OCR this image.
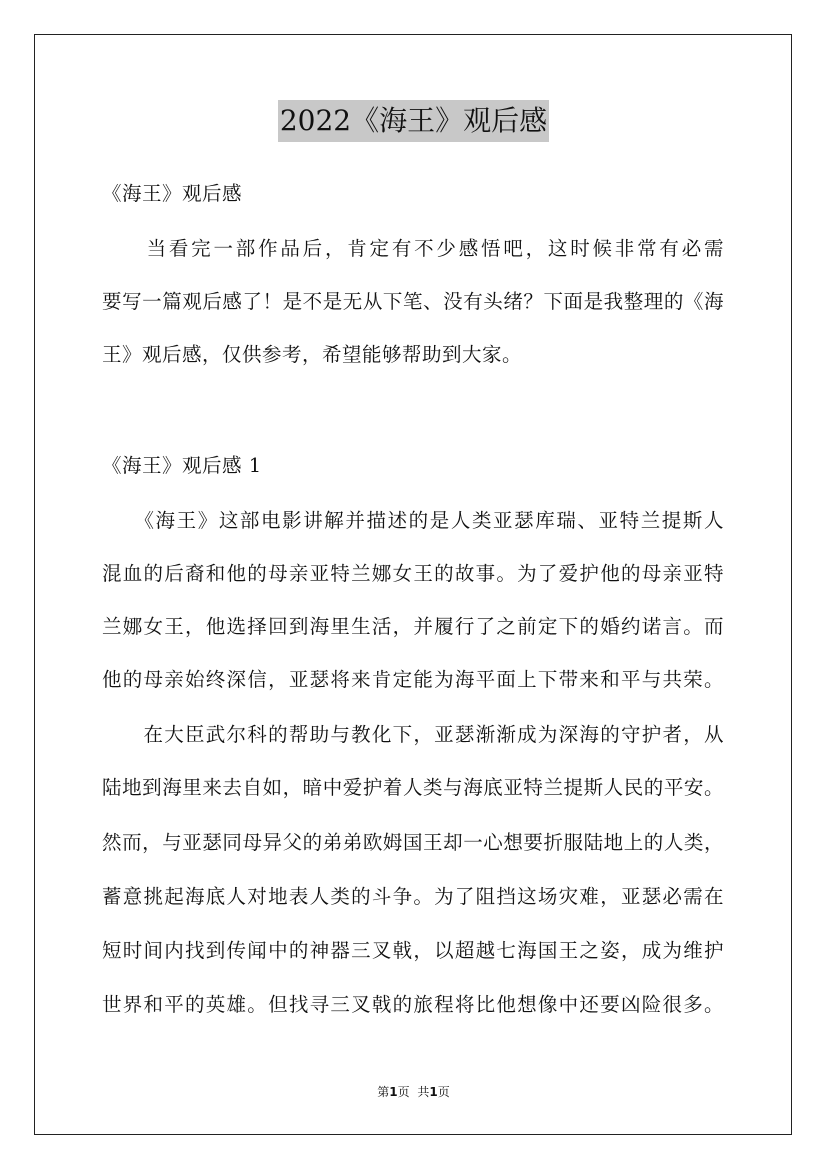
2022《海王》观后感
《海王》观后感
　　当看完一部作品后，肯定有不少感悟吧，这时候非常有必需
要写一篇观后感了！是不是无从下笔、没有头绪？下面是我整理的《海
王》观后感，仅供参考，希望能够帮助到大家。
《海王》观后感 1
　　《海王》这部电影讲解并描述的是人类亚瑟库瑞、亚特兰提斯人
混血的后裔和他的母亲亚特兰娜女王的故事。为了爱护他的母亲亚特
兰娜女王，他选择回到海里生活，并履行了之前定下的婚约诺言。而
他的母亲始终深信，亚瑟将来肯定能为海平面上下带来和平与共荣。
　　在大臣武尔科的帮助与教化下，亚瑟渐渐成为深海的守护者，从
陆地到海里来去自如，暗中爱护着人类与海底亚特兰提斯人民的平安。
然而，与亚瑟同母异父的弟弟欧姆国王却一心想要折服陆地上的人类，
蓄意挑起海底人对地表人类的斗争。为了阻挡这场灾难，亚瑟必需在
短时间内找到传闻中的神器三叉戟，以超越七海国王之姿，成为维护
世界和平的英雄。但找寻三叉戟的旅程将比他想像中还要凶险很多。
第1页 共1页
